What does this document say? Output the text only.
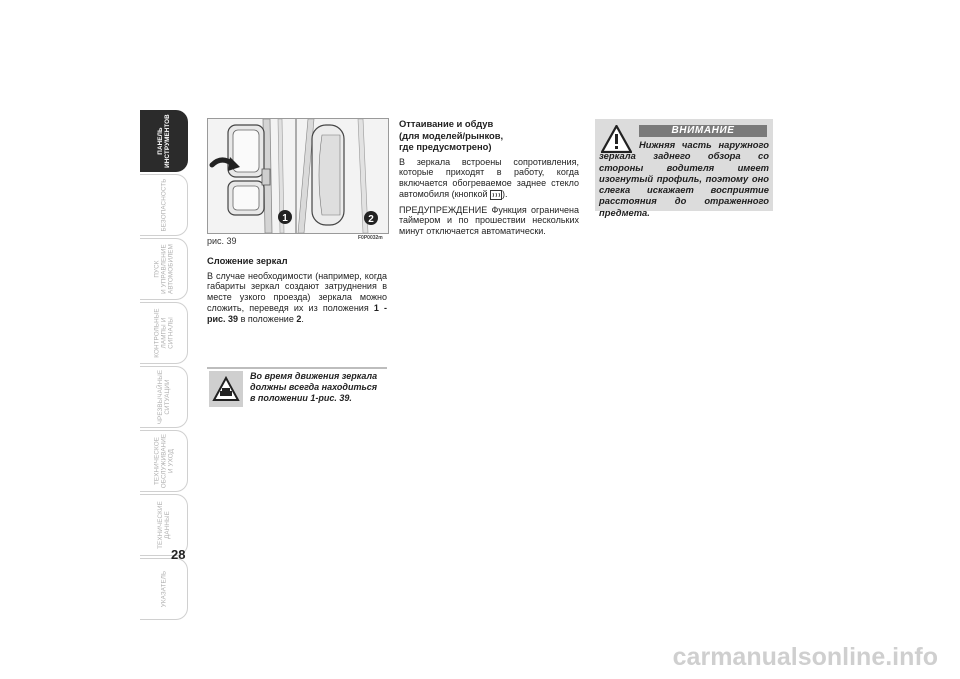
ПАНЕЛЬ
ИНСТРУМЕНТОВ
БЕЗОПАСНОСТЬ
ПУСК
И УПРАВЛЕНИЕ
АВТОМОБИЛЕМ
КОНТРОЛЬНЫЕ
ЛАМПЫ И
СИГНАЛЫ
ЧРЕЗВЫЧАЙНЫЕ
СИТУАЦИИ
ТЕХНИЧЕСКОЕ
ОБСЛУЖИВАНИЕ
И УХОД
ТЕХНИЧЕСКИЕ
ДАННЫЕ
УКАЗАТЕЛЬ
28
1	2
рис. 39	F0P0032m
Сложение зеркал

В случае необходимости (например, когда габариты зеркал создают затруднения в месте узкого проезда) зеркала можно сложить, переведя их из положения 1 - рис. 39 в положение 2.

Во время движения зеркала должны всегда находиться в положении 1-рис. 39.
Оттаивание и обдув
(для моделей/рынков,
где предусмотрено)

В зеркала встроены сопротивления, которые приходят в работу, когда включается обогреваемое заднее стекло автомобиля (кнопкой ).

ПРЕДУПРЕЖДЕНИЕ Функция ограничена таймером и по прошествии нескольких минут отключается автоматически.

ВНИМАНИЕ
Нижняя часть наружного зеркала заднего обзора со стороны водителя имеет изогнутый профиль, поэтому оно слегка искажает восприятие расстояния до отраженного предмета.
carmanualsonline.info
